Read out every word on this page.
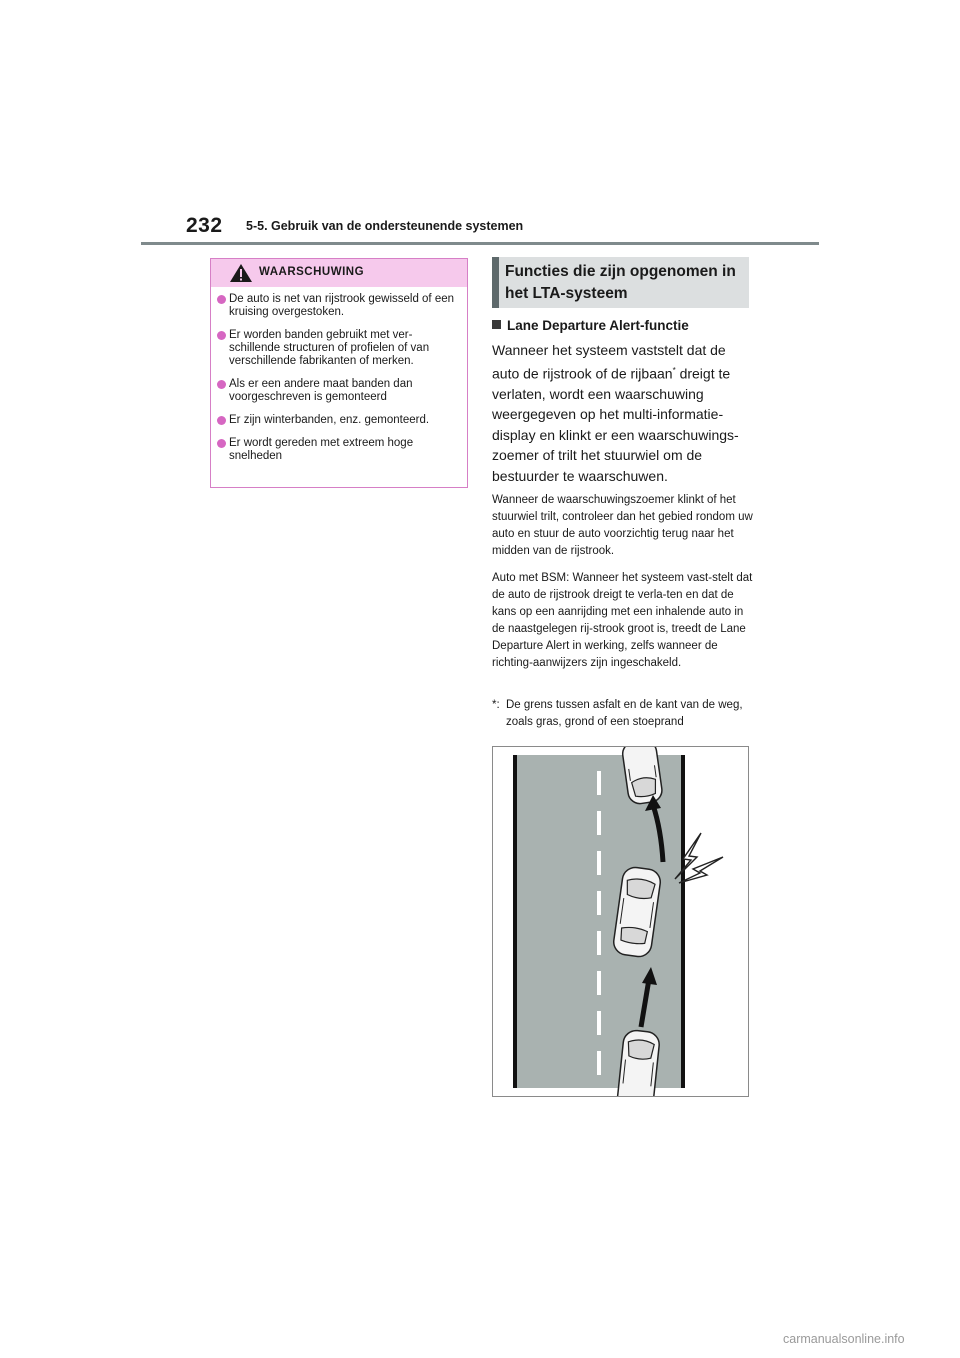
232 5-5. Gebruik van de ondersteunende systemen
WAARSCHUWING
De auto is net van rijstrook gewisseld of een kruising overgestoken.
Er worden banden gebruikt met ver-schillende structuren of profielen of van verschillende fabrikanten of merken.
Als er een andere maat banden dan voorgeschreven is gemonteerd
Er zijn winterbanden, enz. gemonteerd.
Er wordt gereden met extreem hoge snelheden
Functies die zijn opgenomen in het LTA-systeem
Lane Departure Alert-functie
Wanneer het systeem vaststelt dat de auto de rijstrook of de rijbaan* dreigt te verlaten, wordt een waarschuwing weergegeven op het multi-informatie-display en klinkt er een waarschuwings-zoemer of trilt het stuurwiel om de bestuurder te waarschuwen.
Wanneer de waarschuwingszoemer klinkt of het stuurwiel trilt, controleer dan het gebied rondom uw auto en stuur de auto voorzichtig terug naar het midden van de rijstrook.
Auto met BSM: Wanneer het systeem vast-stelt dat de auto de rijstrook dreigt te verla-ten en dat de kans op een aanrijding met een inhalende auto in de naastgelegen rij-strook groot is, treedt de Lane Departure Alert in werking, zelfs wanneer de richting-aanwijzers zijn ingeschakeld.
*: De grens tussen asfalt en de kant van de weg, zoals gras, grond of een stoeprand
carmanualsonline.info
